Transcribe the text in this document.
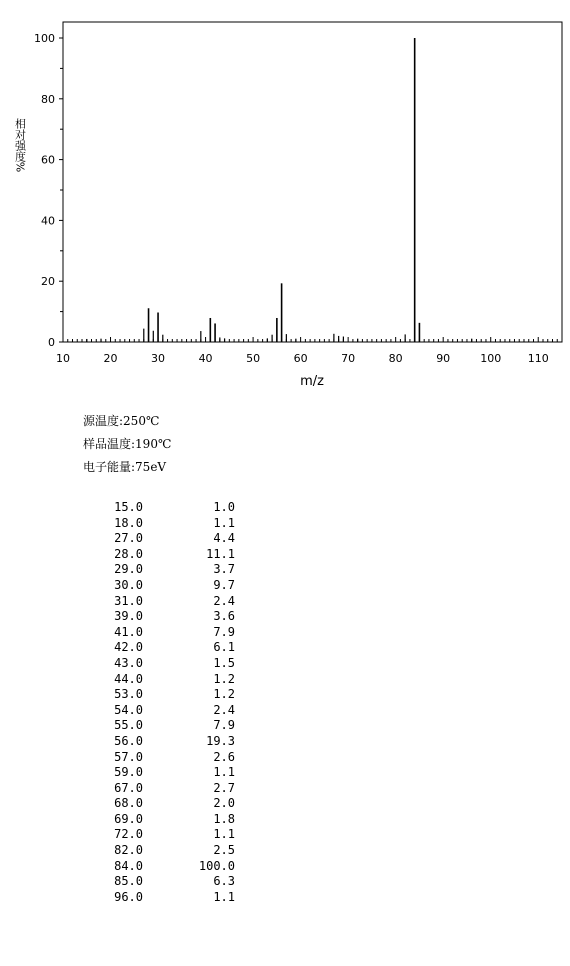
0
20
40
60
80
100
10	20	30	40	50	60	70	80	90	100 110
m/z
相对强度%
源温度:250℃
样品温度:190℃
电子能量:75eV
15.0	1.0
18.0	1.1
27.0	4.4
28.0	11.1
29.0	3.7
30.0	9.7
31.0	2.4
39.0	3.6
41.0	7.9
42.0	6.1
43.0	1.5
44.0	1.2
53.0	1.2
54.0	2.4
55.0	7.9
56.0	19.3
57.0	2.6
59.0	1.1
67.0	2.7
68.0	2.0
69.0	1.8
72.0	1.1
82.0	2.5
84.0	100.0
85.0	6.3
96.0	1.1
